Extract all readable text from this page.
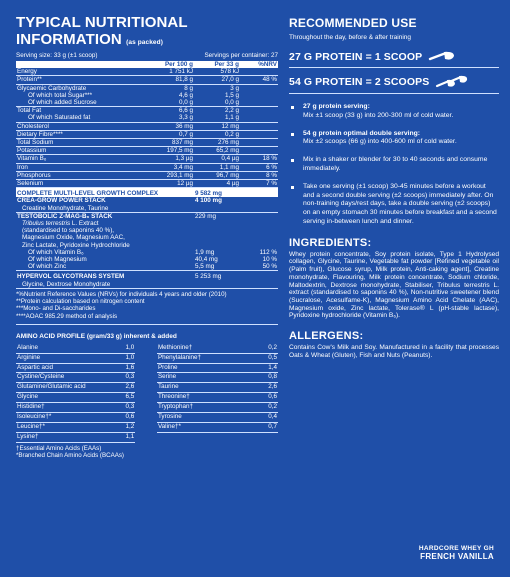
TYPICAL NUTRITIONAL INFORMATION (as packed)
Serving size: 33 g (±1 scoop)	Servings per container: 27
	Per 100 g	Per 33 g	%NRV
Energy	1 751 kJ	578 kJ	
Protein**	81,8 g	27,0 g	48 %
Glycaemic Carbohydrate	8 g	3 g	
Of which total Sugar***	4,6 g	1,5 g	
Of which added Sucrose	0,0 g	0,0 g	
Total Fat	6,6 g	2,2 g	
Of which Saturated fat	3,3 g	1,1 g	
Cholesterol	36 mg	12 mg	
Dietary Fibre****	0,7 g	0,2 g	
Total Sodium	837 mg	276 mg	
Potassium	197,5 mg	65,2 mg	
Vitamin B₆	1,3 µg	0,4 µg	18 %
Iron	3,4 mg	1,1 mg	6 %
Phosphorus	293,1 mg	96,7 mg	8 %
Selenium	12 µg	4 µg	7 %
COMPLETE MULTI-LEVEL GROWTH COMPLEX		9 582 mg	
CREA-GROW POWER STACK		4 100 mg	
Creatine Monohydrate, Taurine			
TESTOBOLIC Z-MAG-B₆ STACK		229 mg	
Tribulus terrestris L. Extract			
(standardised to saponins 40 %),			
Magnesium Oxide, Magnesium AAC,			
Zinc Lactate, Pyridoxine Hydrochloride			
Of which Vitamin B₆		1,9 mg	112 %
Of which Magnesium		40,4 mg	10 %
Of which Zinc		5,5 mg	50 %
HYPERVOL GLYCOTRANS SYSTEM		5 253 mg	
Glycine, Dextrose Monohydrate			
*%Nutrient Reference Values (NRVs) for individuals 4 years and older (2010)
**Protein calculation based on nitrogen content
***Mono- and Di-saccharides
****AOAC 985.29 method of analysis
AMINO ACID PROFILE (gram/33 g) inherent & added
Alanine	1,0		Methionine†	0,2
Arginine	1,0		Phenylalanine†	0,5
Aspartic acid	1,6		Proline	1,4
Cystine/Cysteine	0,3		Serine	0,8
Glutamine/Glutamic acid	2,6		Taurine	2,6
Glycine	6,5		Threonine†	0,6
Histidine†	0,3		Tryptophan†	0,2
Isoleucine†*	0,6		Tyrosine	0,4
Leucine†*	1,2		Valine†*	0,7
Lysine†	1,1			
†Essential Amino Acids (EAAs)
*Branched Chain Amino Acids (BCAAs)
RECOMMENDED USE
Throughout the day, before & after training
27 G PROTEIN = 1 SCOOP
54 G PROTEIN = 2 SCOOPS
27 g protein serving:
Mix ±1 scoop (33 g) into 200-300 ml of cold water.
54 g protein optimal double serving:
Mix ±2 scoops (66 g) into 400-600 ml of cold water.
Mix in a shaker or blender for 30 to 40 seconds and consume immediately.
Take one serving (±1 scoop) 30-45 minutes before a workout and a second double serving (±2 scoops) immediately after. On non-training days/rest days, take a double serving (±2 scoops) on an empty stomach 30 minutes before breakfast and a second serving in-between lunch and dinner.
INGREDIENTS:
Whey protein concentrate, Soy protein isolate, Type 1 Hydrolysed collagen, Glycine, Taurine, Vegetable fat powder [Refined vegetable oil (Palm fruit), Glucose syrup, Milk protein, Anti-caking agent], Creatine monohydrate, Flavouring, Milk protein concentrate, Sodium chloride, Maltodextrin, Dextrose monohydrate, Stabiliser, Tribulus terrestris L. extract (standardised to saponins 40 %), Non-nutritive sweetener blend (Sucralose, Acesulfame-K), Magnesium Amino Acid Chelate (AAC), Magnesium oxide, Zinc lactate, Tolerase® L (pH-stable lactase), Pyridoxine hydrochloride (Vitamin B₆).
ALLERGENS:
Contains Cow's Milk and Soy. Manufactured in a facility that processes Oats & Wheat (Gluten), Fish and Nuts (Peanuts).
HARDCORE WHEY GH
FRENCH VANILLA
